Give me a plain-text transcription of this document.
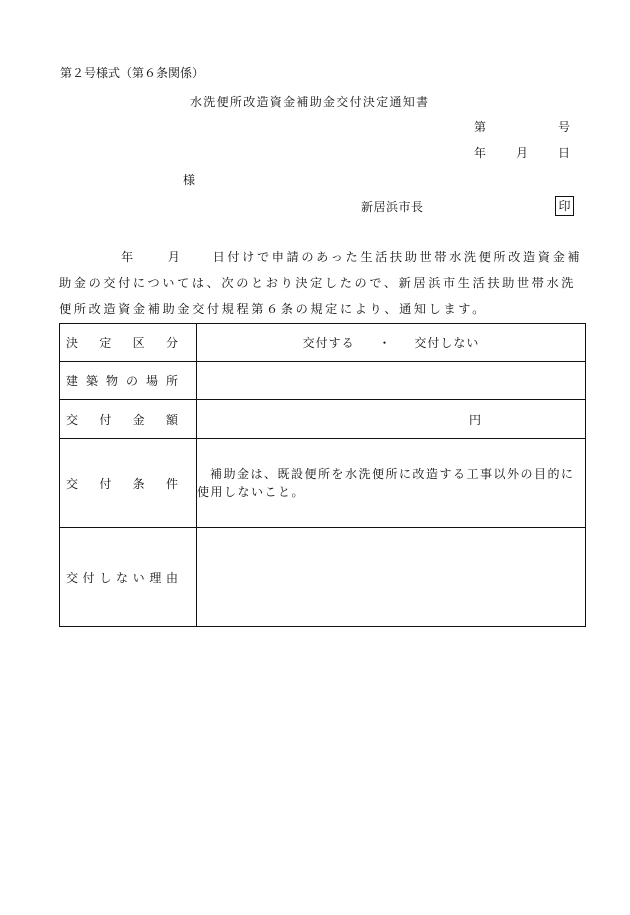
第２号様式（第６条関係）
水洗便所改造資金補助金交付決定通知書
第	号
年 月 日
様
新居浜市長	印
年	月 日付けで申請のあった生活扶助世帯水洗便所改造資金補助金の交付については、次のとおり決定したので、新居浜市生活扶助世帯水洗便所改造資金補助金交付規程第６条の規定により、通知します。
決定区分	交付する ・ 交付しない
建築物の場所	
交付金額	円
交付条件	補助金は、既設便所を水洗便所に改造する工事以外の目的に使用しないこと。
交付しない理由	
